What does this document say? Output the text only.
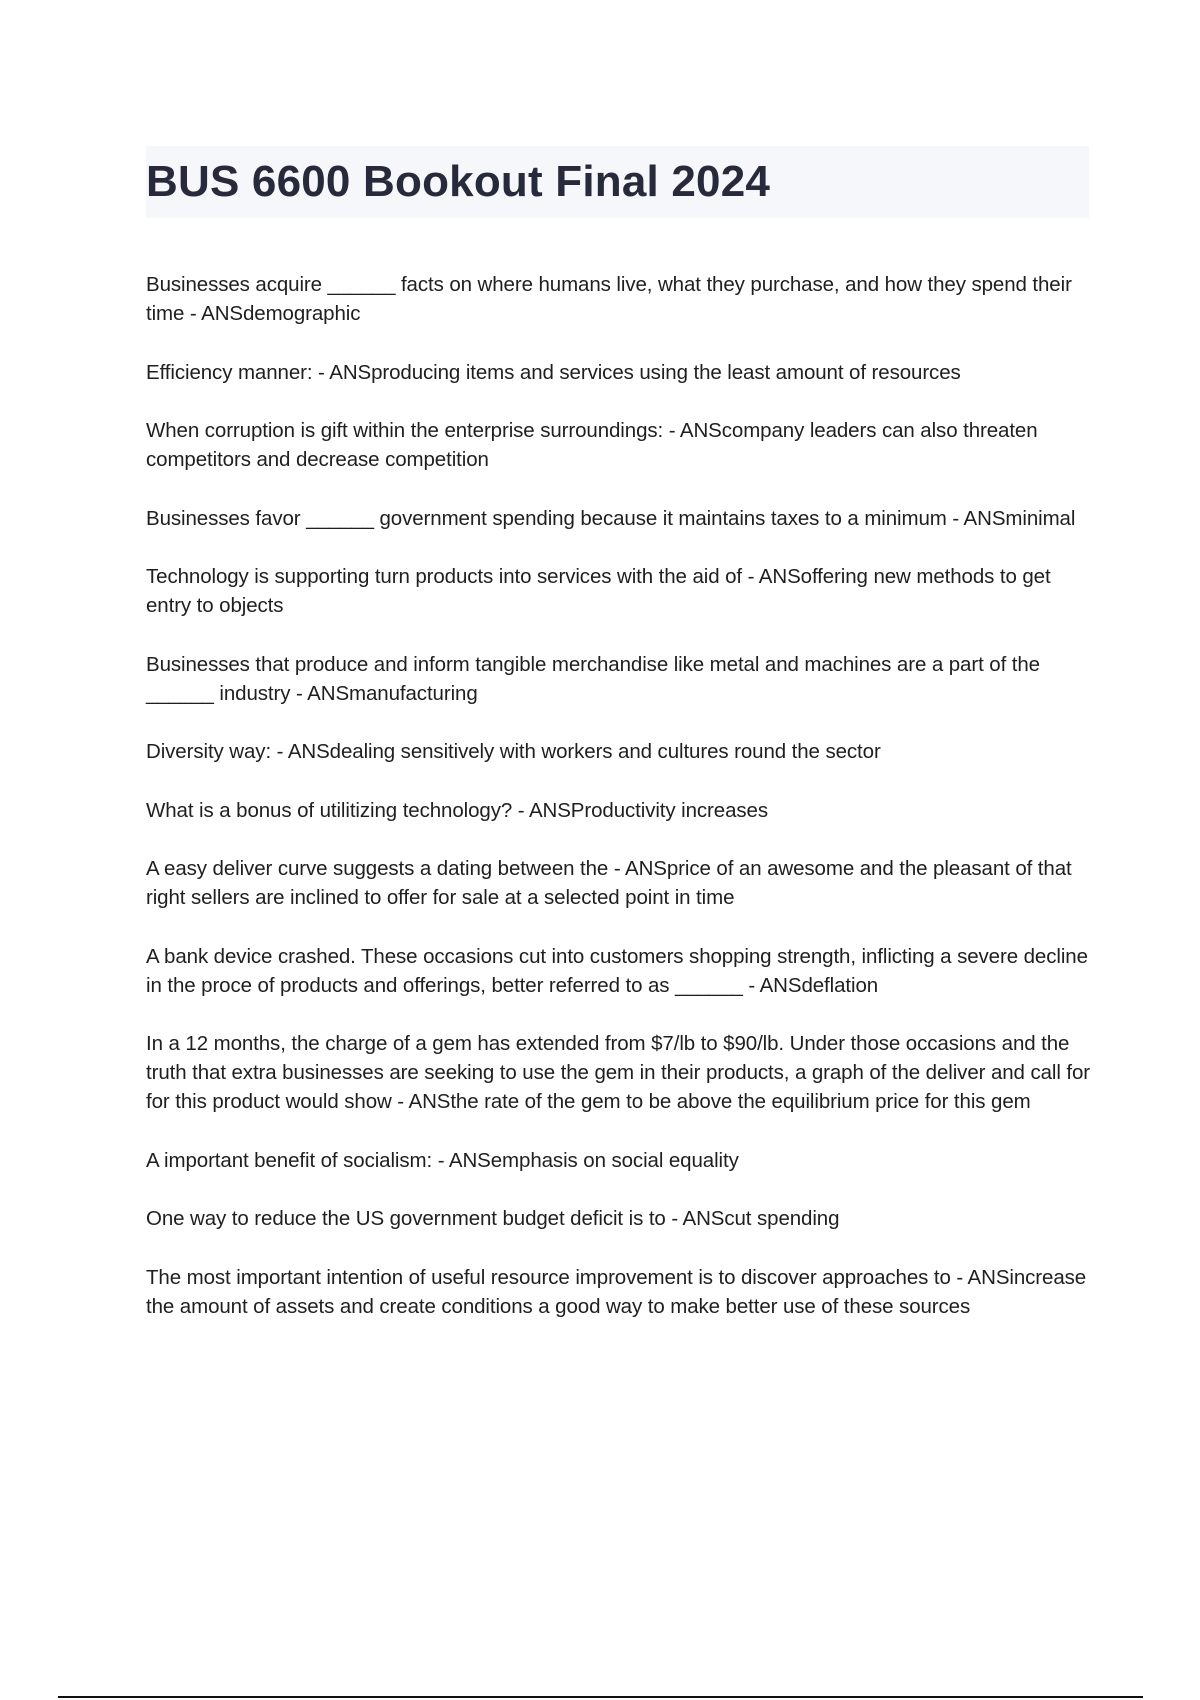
BUS 6600 Bookout Final 2024
Businesses acquire ______ facts on where humans live, what they purchase, and how they spend their time - ANSdemographic
Efficiency manner: - ANSproducing items and services using the least amount of resources
When corruption is gift within the enterprise surroundings: - ANScompany leaders can also threaten competitors and decrease competition
Businesses favor ______ government spending because it maintains taxes to a minimum - ANSminimal
Technology is supporting turn products into services with the aid of - ANSoffering new methods to get entry to objects
Businesses that produce and inform tangible merchandise like metal and machines are a part of the ______ industry - ANSmanufacturing
Diversity way: - ANSdealing sensitively with workers and cultures round the sector
What is a bonus of utilitizing technology? - ANSProductivity increases
A easy deliver curve suggests a dating between the - ANSprice of an awesome and the pleasant of that right sellers are inclined to offer for sale at a selected point in time
A bank device crashed. These occasions cut into customers shopping strength, inflicting a severe decline in the proce of products and offerings, better referred to as ______ - ANSdeflation
In a 12 months, the charge of a gem has extended from $7/lb to $90/lb. Under those occasions and the truth that extra businesses are seeking to use the gem in their products, a graph of the deliver and call for for this product would show - ANSthe rate of the gem to be above the equilibrium price for this gem
A important benefit of socialism: - ANSemphasis on social equality
One way to reduce the US government budget deficit is to - ANScut spending
The most important intention of useful resource improvement is to discover approaches to - ANSincrease the amount of assets and create conditions a good way to make better use of these sources
